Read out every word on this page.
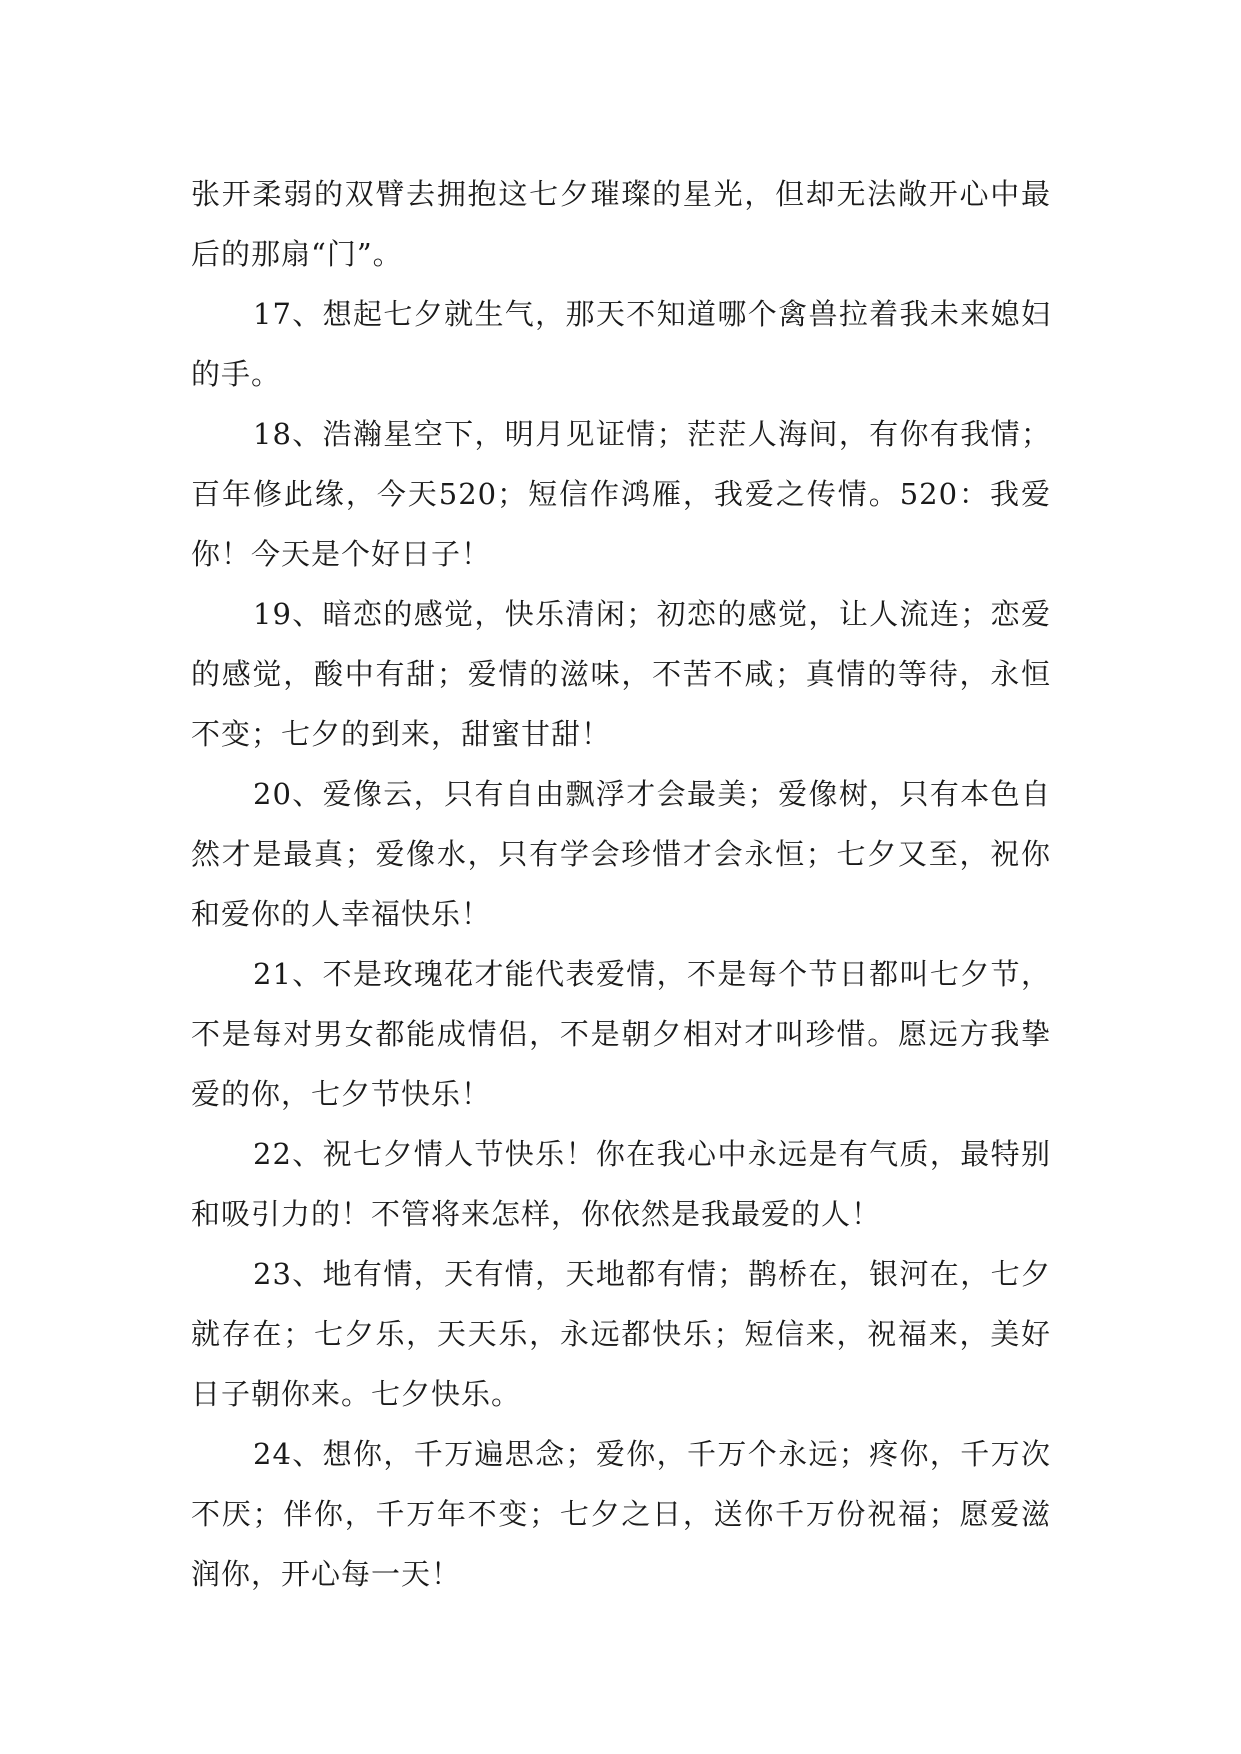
张开柔弱的双臂去拥抱这七夕璀璨的星光，但却无法敞开心中最后的那扇“门”。

17、想起七夕就生气，那天不知道哪个禽兽拉着我未来媳妇的手。

18、浩瀚星空下，明月见证情；茫茫人海间，有你有我情；百年修此缘，今天520；短信作鸿雁，我爱之传情。520：我爱你！今天是个好日子！

19、暗恋的感觉，快乐清闲；初恋的感觉，让人流连；恋爱的感觉，酸中有甜；爱情的滋味，不苦不咸；真情的等待，永恒不变；七夕的到来，甜蜜甘甜！

20、爱像云，只有自由飘浮才会最美；爱像树，只有本色自然才是最真；爱像水，只有学会珍惜才会永恒；七夕又至，祝你和爱你的人幸福快乐！

21、不是玫瑰花才能代表爱情，不是每个节日都叫七夕节，不是每对男女都能成情侣，不是朝夕相对才叫珍惜。愿远方我挚爱的你，七夕节快乐！

22、祝七夕情人节快乐！你在我心中永远是有气质，最特别和吸引力的！不管将来怎样，你依然是我最爱的人！

23、地有情，天有情，天地都有情；鹊桥在，银河在，七夕就存在；七夕乐，天天乐，永远都快乐；短信来，祝福来，美好日子朝你来。七夕快乐。

24、想你，千万遍思念；爱你，千万个永远；疼你，千万次不厌；伴你，千万年不变；七夕之日，送你千万份祝福；愿爱滋润你，开心每一天！
